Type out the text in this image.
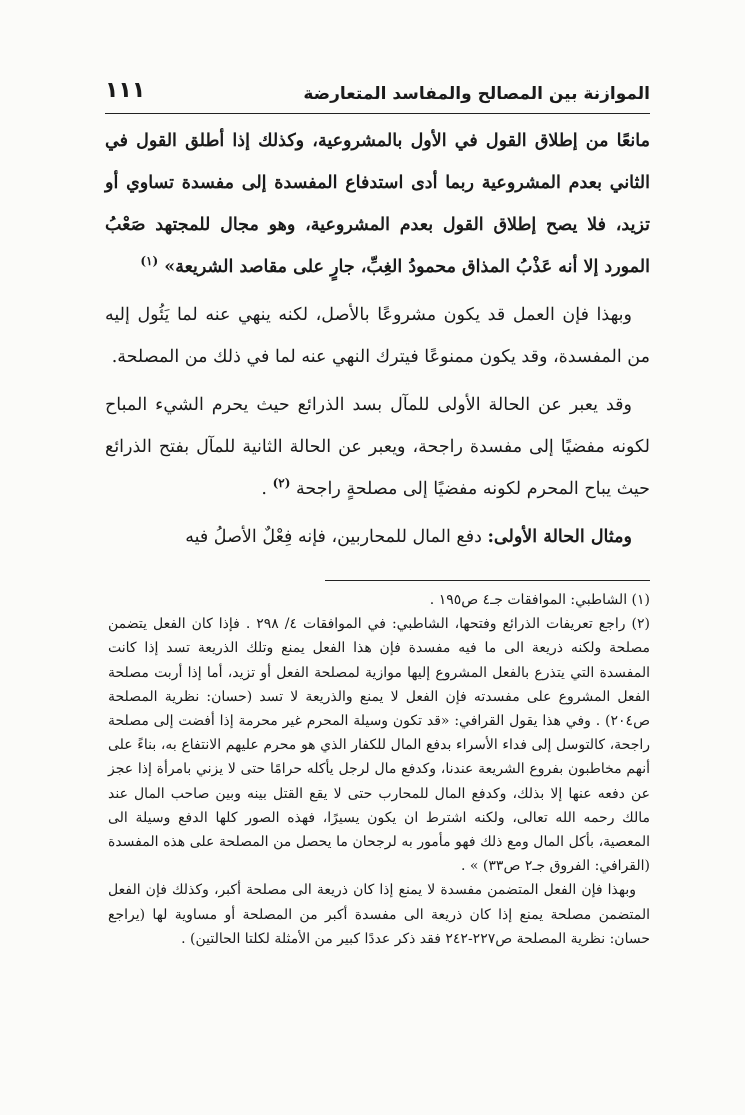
الموازنة بين المصالح والمفاسد المتعارضة
١١١

مانعًا من إطلاق القول في الأول بالمشروعية، وكذلك إذا أطلق القول في الثاني بعدم المشروعية ربما أدى استدفاع المفسدة إلى مفسدة تساوي أو تزيد، فلا يصح إطلاق القول بعدم المشروعية، وهو مجال للمجتهد صَعْبُ المورد إلا أنه عَذْبُ المذاق محمودُ الغِبِّ، جارٍ على مقاصد الشريعة» $^{(١)}$

وبهذا فإن العمل قد يكون مشروعًا بالأصل، لكنه ينهي عنه لما يَئُول إليه من المفسدة، وقد يكون ممنوعًا فيترك النهي عنه لما في ذلك من المصلحة.

وقد يعبر عن الحالة الأولى للمآل بسد الذرائع حيث يحرم الشيء المباح لكونه مفضيًا إلى مفسدة راجحة، ويعبر عن الحالة الثانية للمآل بفتح الذرائع حيث يباح المحرم لكونه مفضيًا إلى مصلحةٍ راجحة $^{(٢)}$ .

ومثال الحالة الأولى: دفع المال للمحاربين، فإنه فِعْلٌ الأصلُ فيه

(١) الشاطبي: الموافقات جـ٤ ص١٩٥ .

(٢) راجع تعريفات الذرائع وفتحها، الشاطبي: في الموافقات ٤/ ٢٩٨ . فإذا كان الفعل يتضمن مصلحة ولكنه ذريعة الى ما فيه مفسدة فإن هذا الفعل يمنع وتلك الذريعة تسد إذا كانت المفسدة التي يتذرع بالفعل المشروع إليها موازية لمصلحة الفعل أو تزيد، أما إذا أربت مصلحة الفعل المشروع على مفسدته فإن الفعل لا يمنع والذريعة لا تسد (حسان: نظرية المصلحة ص٢٠٤) . وفي هذا يقول القرافي: «قد تكون وسيلة المحرم غير محرمة إذا أفضت إلى مصلحة راجحة، كالتوسل إلى فداء الأسراء بدفع المال للكفار الذي هو محرم عليهم الانتفاع به، بناءً على أنهم مخاطبون بفروع الشريعة عندنا، وكدفع مال لرجل يأكله حرامًا حتى لا يزني بامرأة إذا عجز عن دفعه عنها إلا بذلك، وكدفع المال للمحارب حتى لا يقع القتل بينه وبين صاحب المال عند مالك رحمه الله تعالى، ولكنه اشترط ان يكون يسيرًا، فهذه الصور كلها الدفع وسيلة الى المعصية، بأكل المال ومع ذلك فهو مأمور به لرجحان ما يحصل من المصلحة على هذه المفسدة (القرافي: الفروق جـ٢ ص٣٣) » .

وبهذا فإن الفعل المتضمن مفسدة لا يمنع إذا كان ذريعة الى مصلحة أكبر، وكذلك فإن الفعل المتضمن مصلحة يمنع إذا كان ذريعة الى مفسدة أكبر من المصلحة أو مساوية لها (يراجع حسان: نظرية المصلحة ص٢٢٧-٢٤٢ فقد ذكر عددًا كبير من الأمثلة لكلتا الحالتين) .
